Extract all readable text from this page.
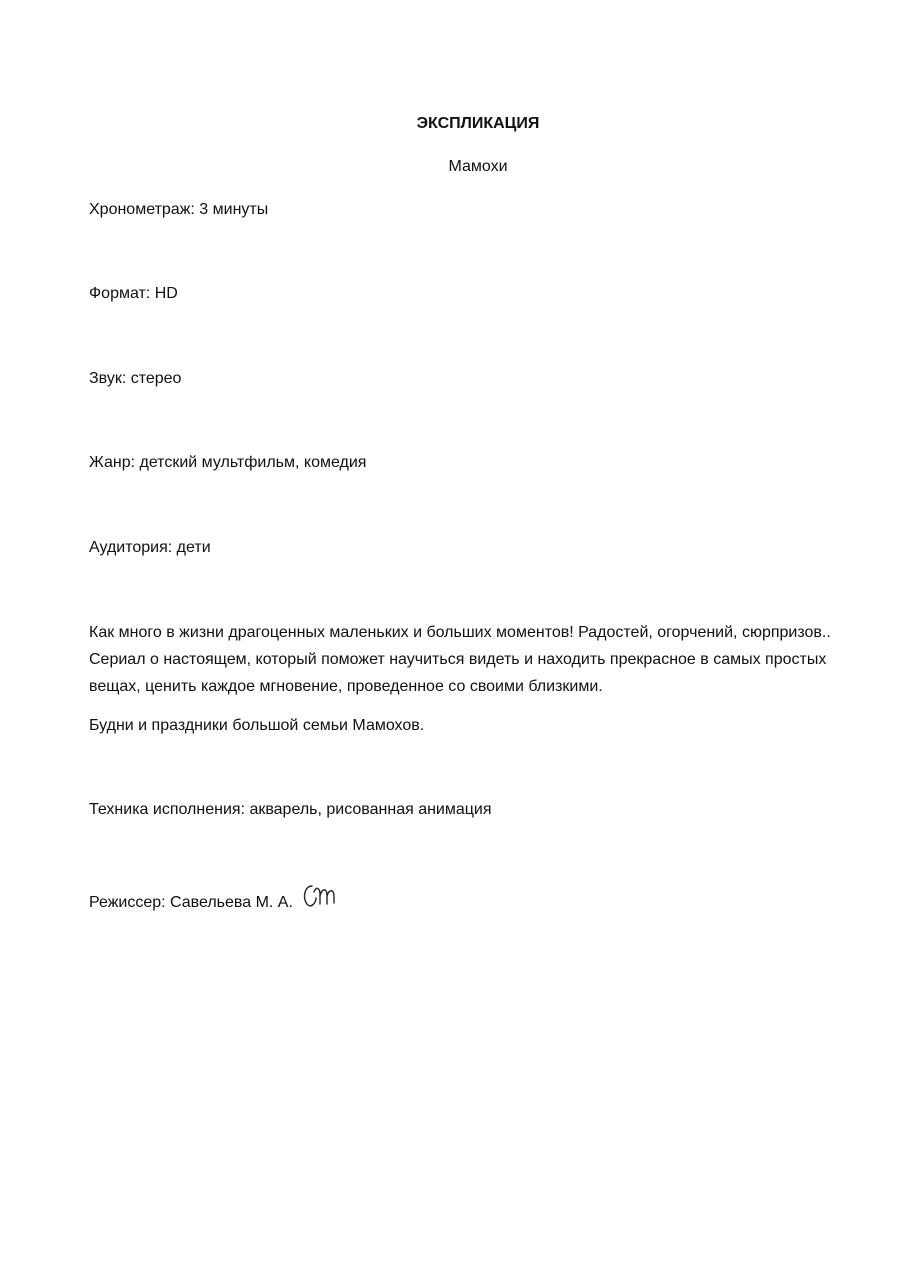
ЭКСПЛИКАЦИЯ
Мамохи
Хронометраж: 3 минуты
Формат: HD
Звук: стерео
Жанр: детский мультфильм, комедия
Аудитория: дети
Как много в жизни драгоценных маленьких и больших моментов! Радостей, огорчений, сюрпризов.. Сериал о настоящем, который поможет научиться видеть и находить прекрасное в самых простых вещах, ценить каждое мгновение, проведенное со своими близкими.
Будни и праздники большой семьи Мамохов.
Техника исполнения: акварель, рисованная анимация
Режиссер: Савельева М. А.
